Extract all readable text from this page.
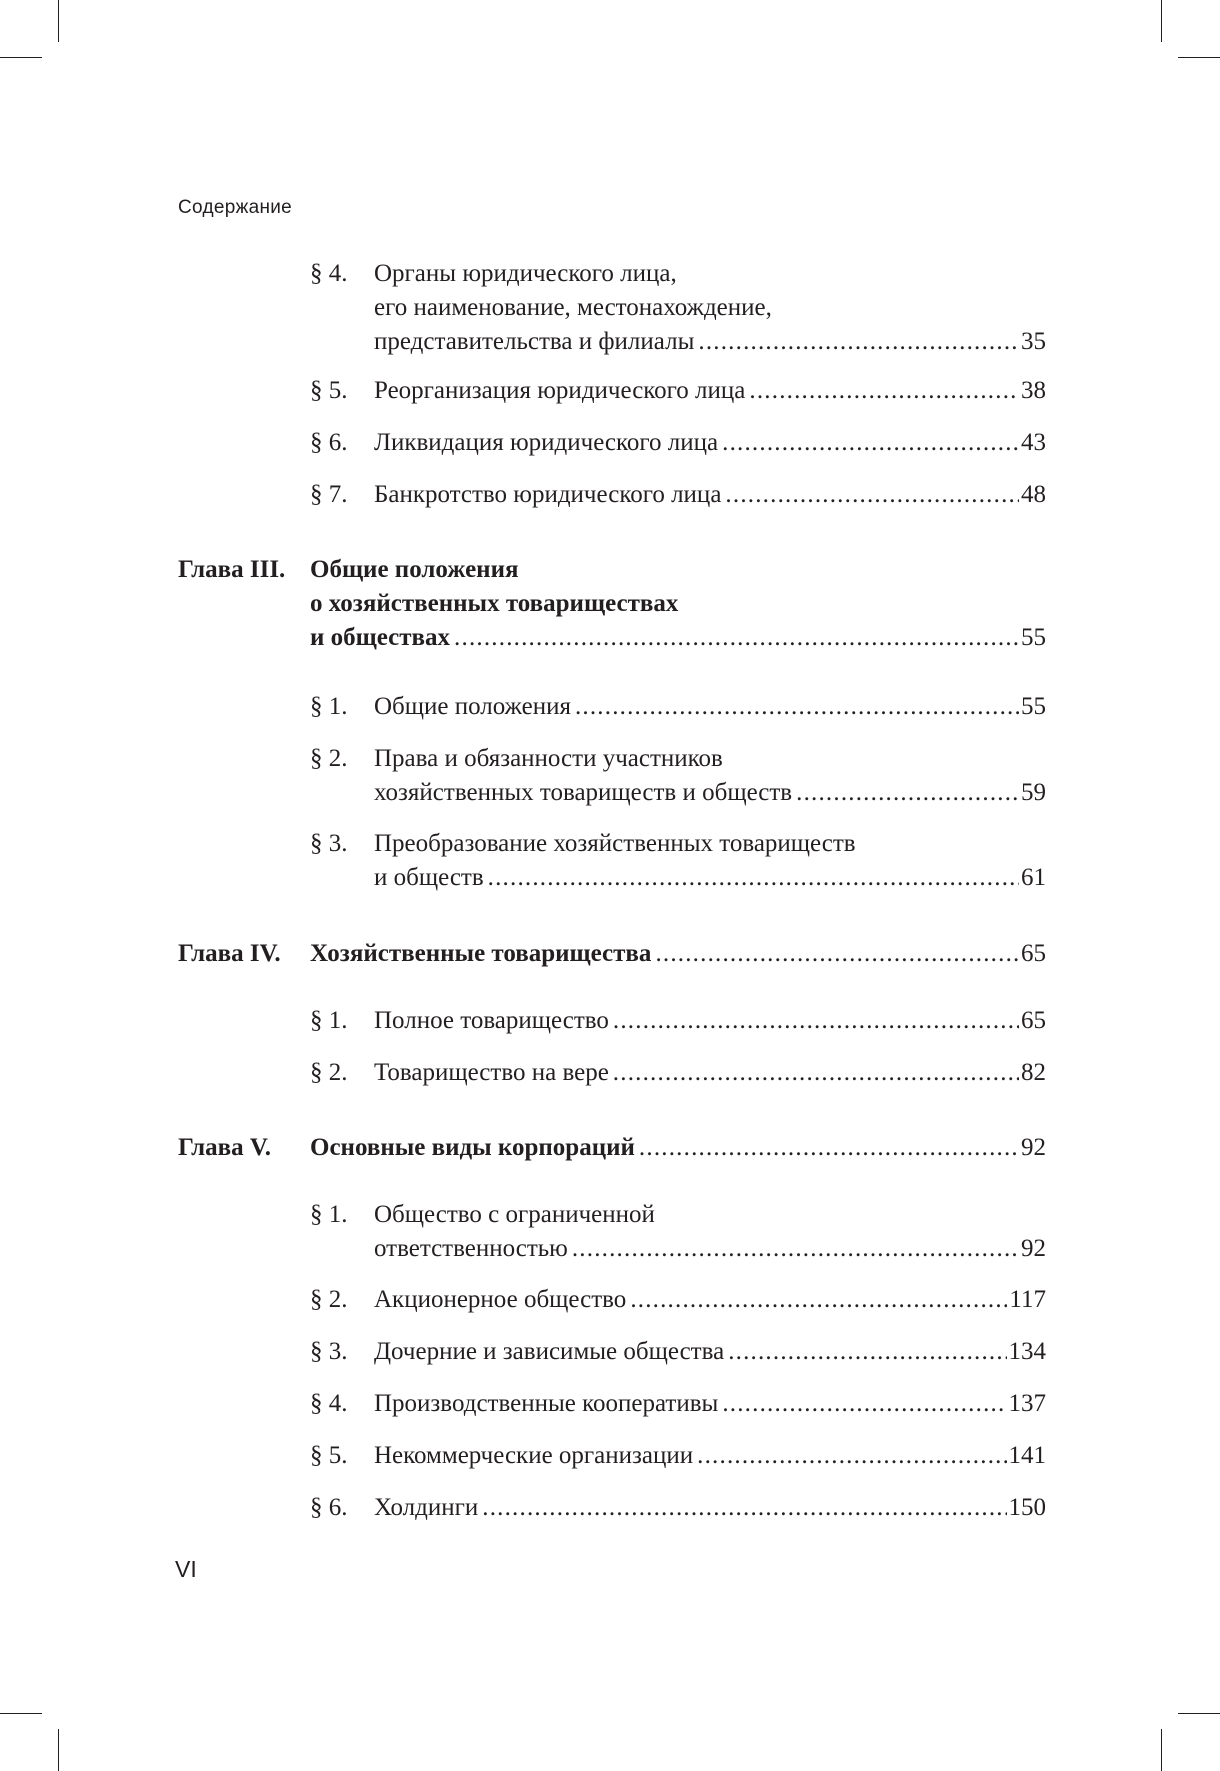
Содержание
§ 4. Органы юридического лица,
его наименование, местонахождение,
представительства и филиалы .....	35
§ 5. Реорганизация юридического лица .....	38
§ 6. Ликвидация юридического лица .....	43
§ 7. Банкротство юридического лица .....	48
Глава III. Общие положения
о хозяйственных товариществах
и обществах .....	55
§ 1. Общие положения .....	55
§ 2. Права и обязанности участников
хозяйственных товариществ и обществ .....	59
§ 3. Преобразование хозяйственных товариществ
и обществ .....	61
Глава IV. Хозяйственные товарищества .....	65
§ 1. Полное товарищество .....	65
§ 2. Товарищество на вере .....	82
Глава V. Основные виды корпораций .....	92
§ 1. Общество с ограниченной
ответственностью .....	92
§ 2. Акционерное общество .....	117
§ 3. Дочерние и зависимые общества .....	134
§ 4. Производственные кооперативы .....	137
§ 5. Некоммерческие организации .....	141
§ 6. Холдинги .....	150
VI
